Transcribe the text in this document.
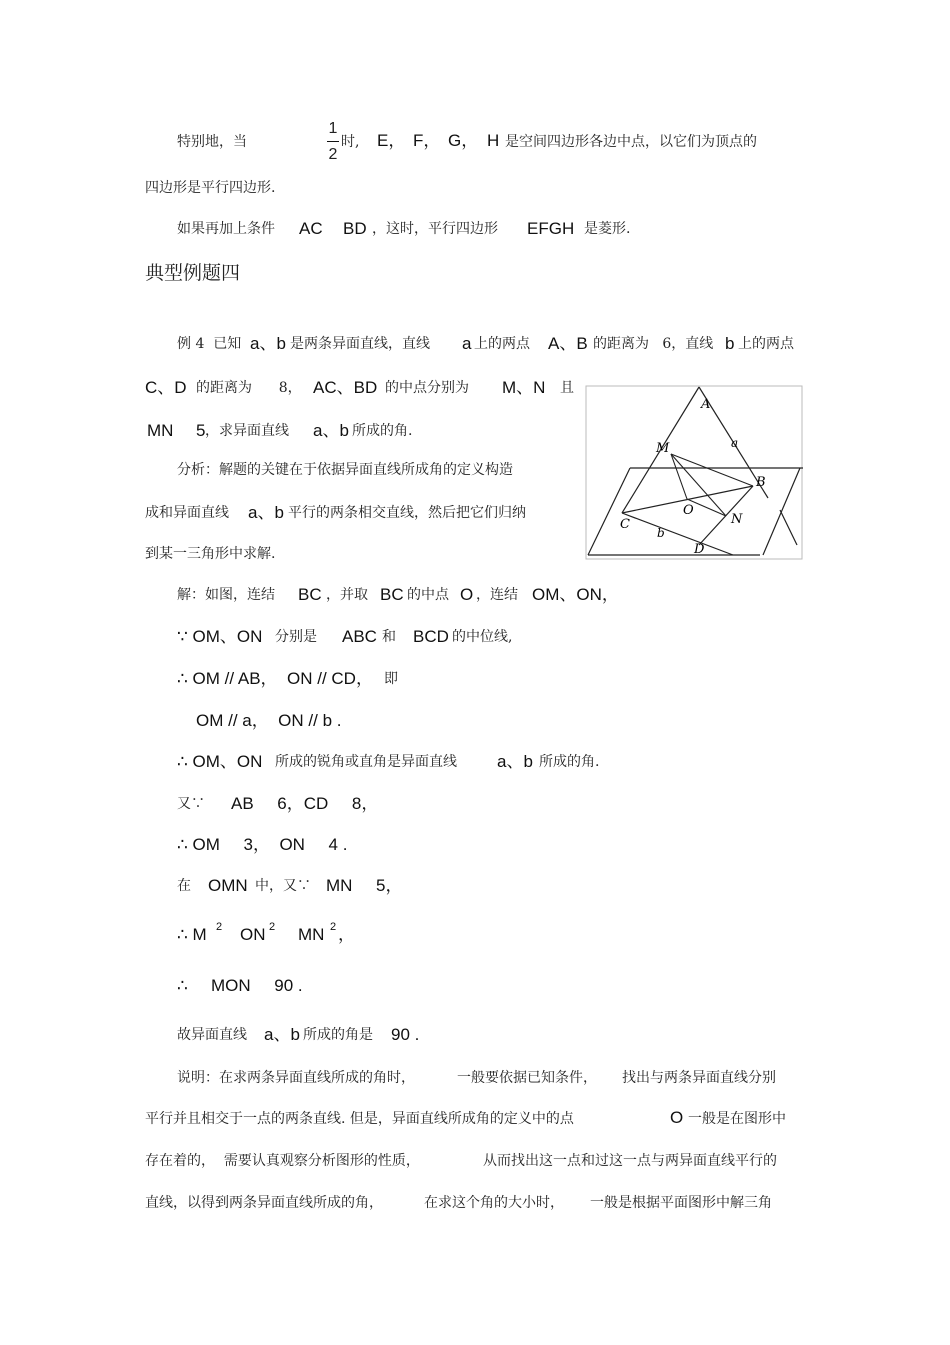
特别地，当
1
2
时, E， F， G， H 是空间四边形各边中点，以它们为顶点的
四边形是平行四边形.
如果再加上条件 AC BD ，这时，平行四边形 EFGH 是菱形.
典型例题四
例 4  已知 a、b 是两条异面直线，直线 a 上的两点 A、B 的距离为   6，直线 b 上的两点
C、D 的距离为      8， AC、BD 的中点分别为 M、N 且
MN 5 ，求异面直线 a、b 所成的角.
分析：解题的关键在于依据异面直线所成角的定义构造
成和异面直线 a、b 平行的两条相交直线，然后把它们归纳
到某一三角形中求解.
A
a
M
B
O
N
C
b
D
解：如图，连结 BC ，并取 BC 的中点 O ，连结 OM、ON，
∵ OM、ON 分别是 ABC 和 BCD 的中位线,
∴ OM // AB，  ON // CD， 即
OM // a，  ON // b .
∴ OM、ON 所成的锐角或直角是异面直线 a、b 所成的角.
又∵ AB     6，CD     8，
∴ OM     3，  ON     4 .
在 OMN 中，又∵ MN     5，
∴ M 2 ON 2 MN 2 ，
∴ MON     90 .
故异面直线 a、b 所成的角是 90 .
说明：在求两条异面直线所成的角时，	一般要依据已知条件， 找出与两条异面直线分别
平行并且相交于一点的两条直线. 但是，异面直线所成角的定义中的点	O 一般是在图形中
存在着的，  需要认真观察分析图形的性质，	从而找出这一点和过这一点与两异面直线平行的
直线，以得到两条异面直线所成的角，	在求这个角的大小时， 一般是根据平面图形中解三角
